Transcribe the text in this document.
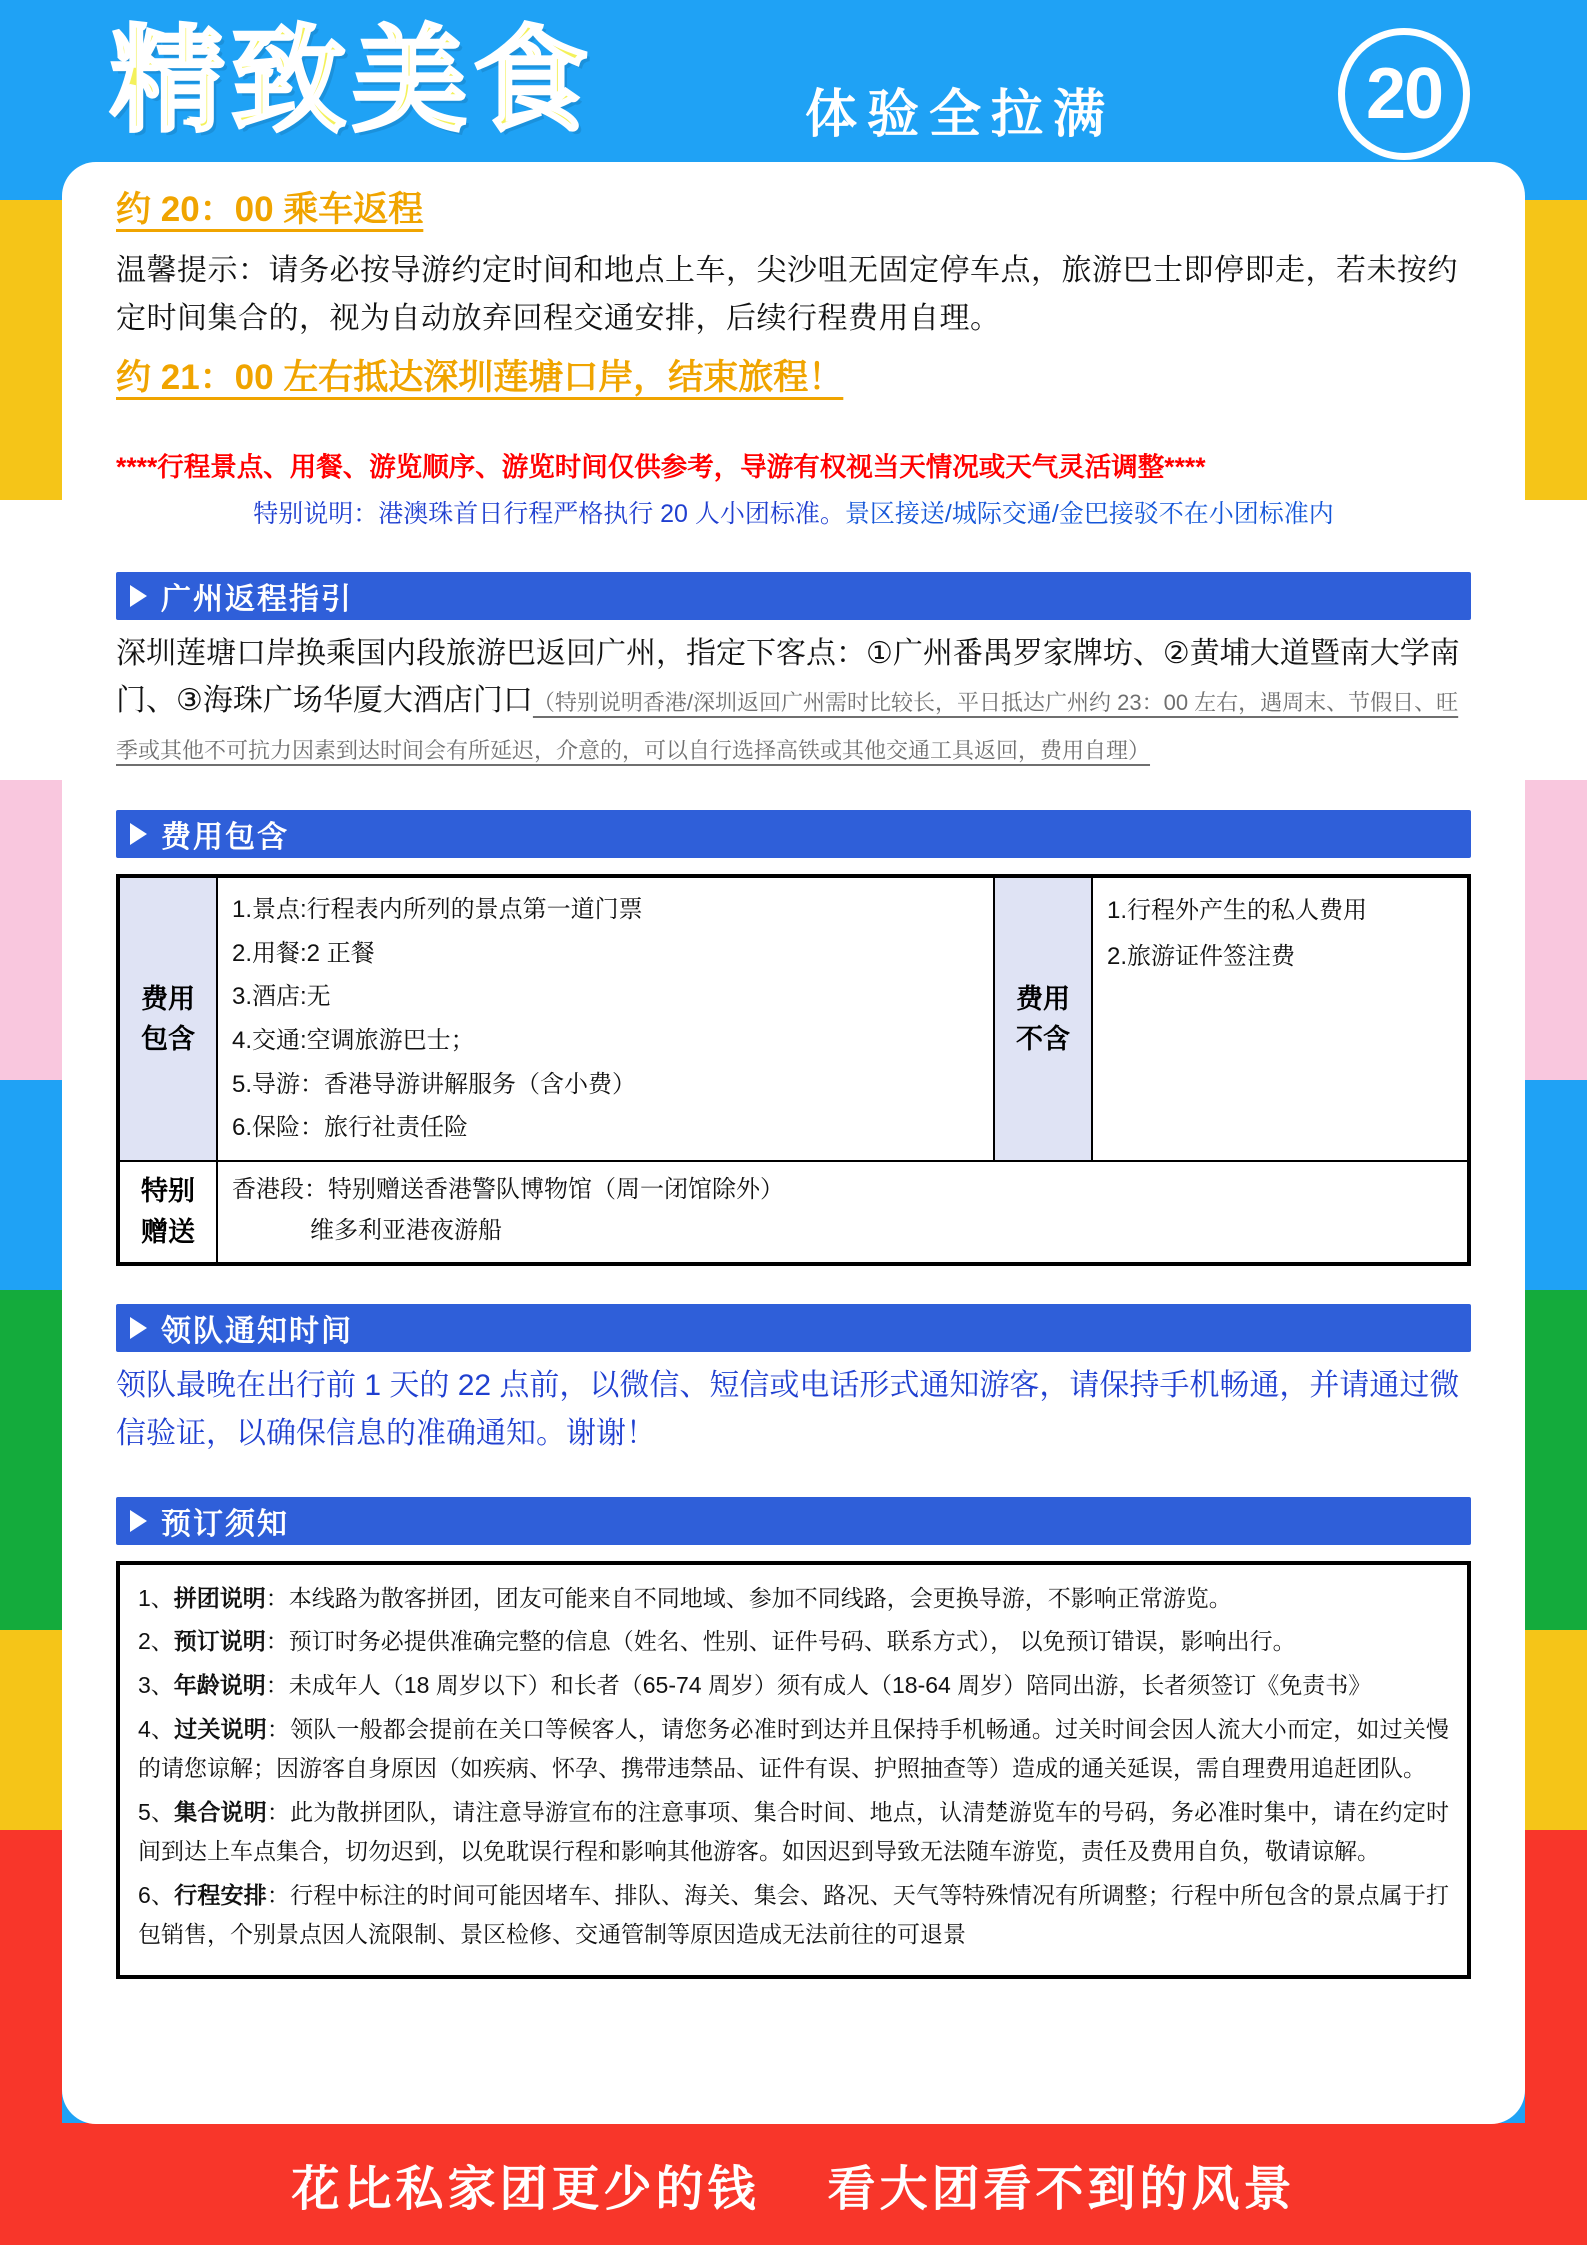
精致美食	体验全拉满	20
约 20：00 乘车返程
温馨提示：请务必按导游约定时间和地点上车，尖沙咀无固定停车点，旅游巴士即停即走，若未按约定时间集合的，视为自动放弃回程交通安排，后续行程费用自理。
约 21：00 左右抵达深圳莲塘口岸，结束旅程！
****行程景点、用餐、游览顺序、游览时间仅供参考，导游有权视当天情况或天气灵活调整****
特别说明：港澳珠首日行程严格执行 20 人小团标准。景区接送/城际交通/金巴接驳不在小团标准内
广州返程指引
深圳莲塘口岸换乘国内段旅游巴返回广州，指定下客点：①广州番禺罗家牌坊、②黄埔大道暨南大学南门、③海珠广场华厦大酒店门口（特别说明香港/深圳返回广州需时比较长，平日抵达广州约 23：00 左右，遇周末、节假日、旺季或其他不可抗力因素到达时间会有所延迟，介意的，可以自行选择高铁或其他交通工具返回，费用自理）
费用包含
费用
包含
1.景点:行程表内所列的景点第一道门票
2.用餐:2 正餐
3.酒店:无
4.交通:空调旅游巴士；
5.导游：香港导游讲解服务（含小费）
6.保险：旅行社责任险
费用
不含
1.行程外产生的私人费用
2.旅游证件签注费
特别
赠送
香港段：特别赠送香港警队博物馆（周一闭馆除外）
维多利亚港夜游船
领队通知时间
领队最晚在出行前 1 天的 22 点前，以微信、短信或电话形式通知游客，请保持手机畅通，并请通过微信验证，以确保信息的准确通知。谢谢！
预订须知

1、拼团说明：本线路为散客拼团，团友可能来自不同地域、参加不同线路，会更换导游，不影响正常游览。

2、预订说明：预订时务必提供准确完整的信息（姓名、性别、证件号码、联系方式）， 以免预订错误，影响出行。

3、年龄说明：未成年人（18 周岁以下）和长者（65-74 周岁）须有成人（18-64 周岁）陪同出游，长者须签订《免责书》

4、过关说明：领队一般都会提前在关口等候客人，请您务必准时到达并且保持手机畅通。过关时间会因人流大小而定，如过关慢的请您谅解；因游客自身原因（如疾病、怀孕、携带违禁品、证件有误、护照抽查等）造成的通关延误，需自理费用追赶团队。

5、集合说明：此为散拼团队，请注意导游宣布的注意事项、集合时间、地点，认清楚游览车的号码，务必准时集中，请在约定时间到达上车点集合，切勿迟到，以免耽误行程和影响其他游客。如因迟到导致无法随车游览，责任及费用自负，敬请谅解。

6、行程安排：行程中标注的时间可能因堵车、排队、海关、集会、路况、天气等特殊情况有所调整；行程中所包含的景点属于打包销售，个别景点因人流限制、景区检修、交通管制等原因造成无法前往的可退景

花比私家团更少的钱 看大团看不到的风景
